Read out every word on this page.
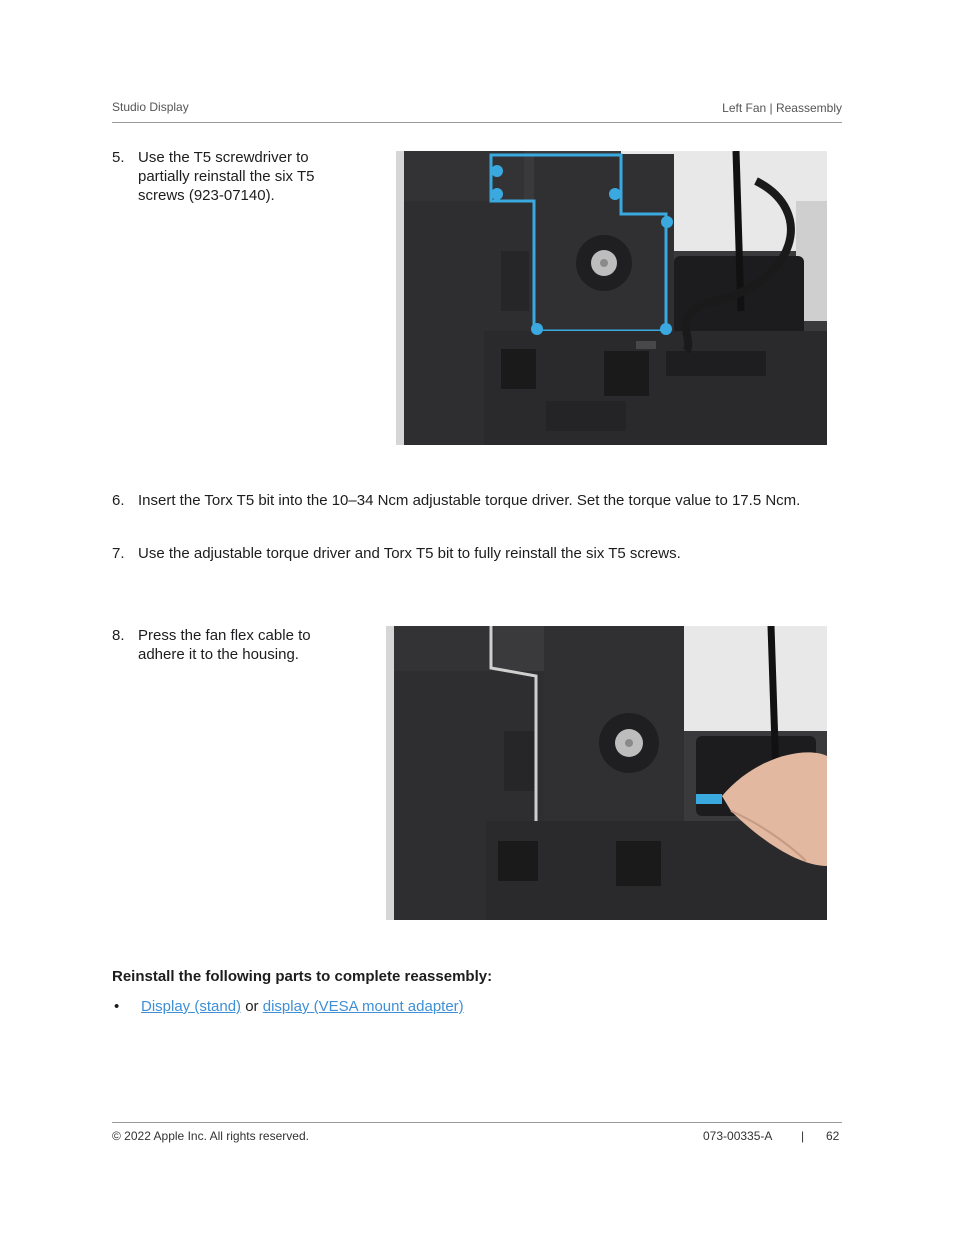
Studio Display	Left Fan | Reassembly
5. Use the T5 screwdriver to partially reinstall the six T5 screws (923-07140).
6. Insert the Torx T5 bit into the 10–34 Ncm adjustable torque driver. Set the torque value to 17.5 Ncm.
7. Use the adjustable torque driver and Torx T5 bit to fully reinstall the six T5 screws.
8. Press the fan flex cable to adhere it to the housing.
Reinstall the following parts to complete reassembly:
• Display (stand) or display (VESA mount adapter)
© 2022 Apple Inc. All rights reserved.	073-00335-A | 62
